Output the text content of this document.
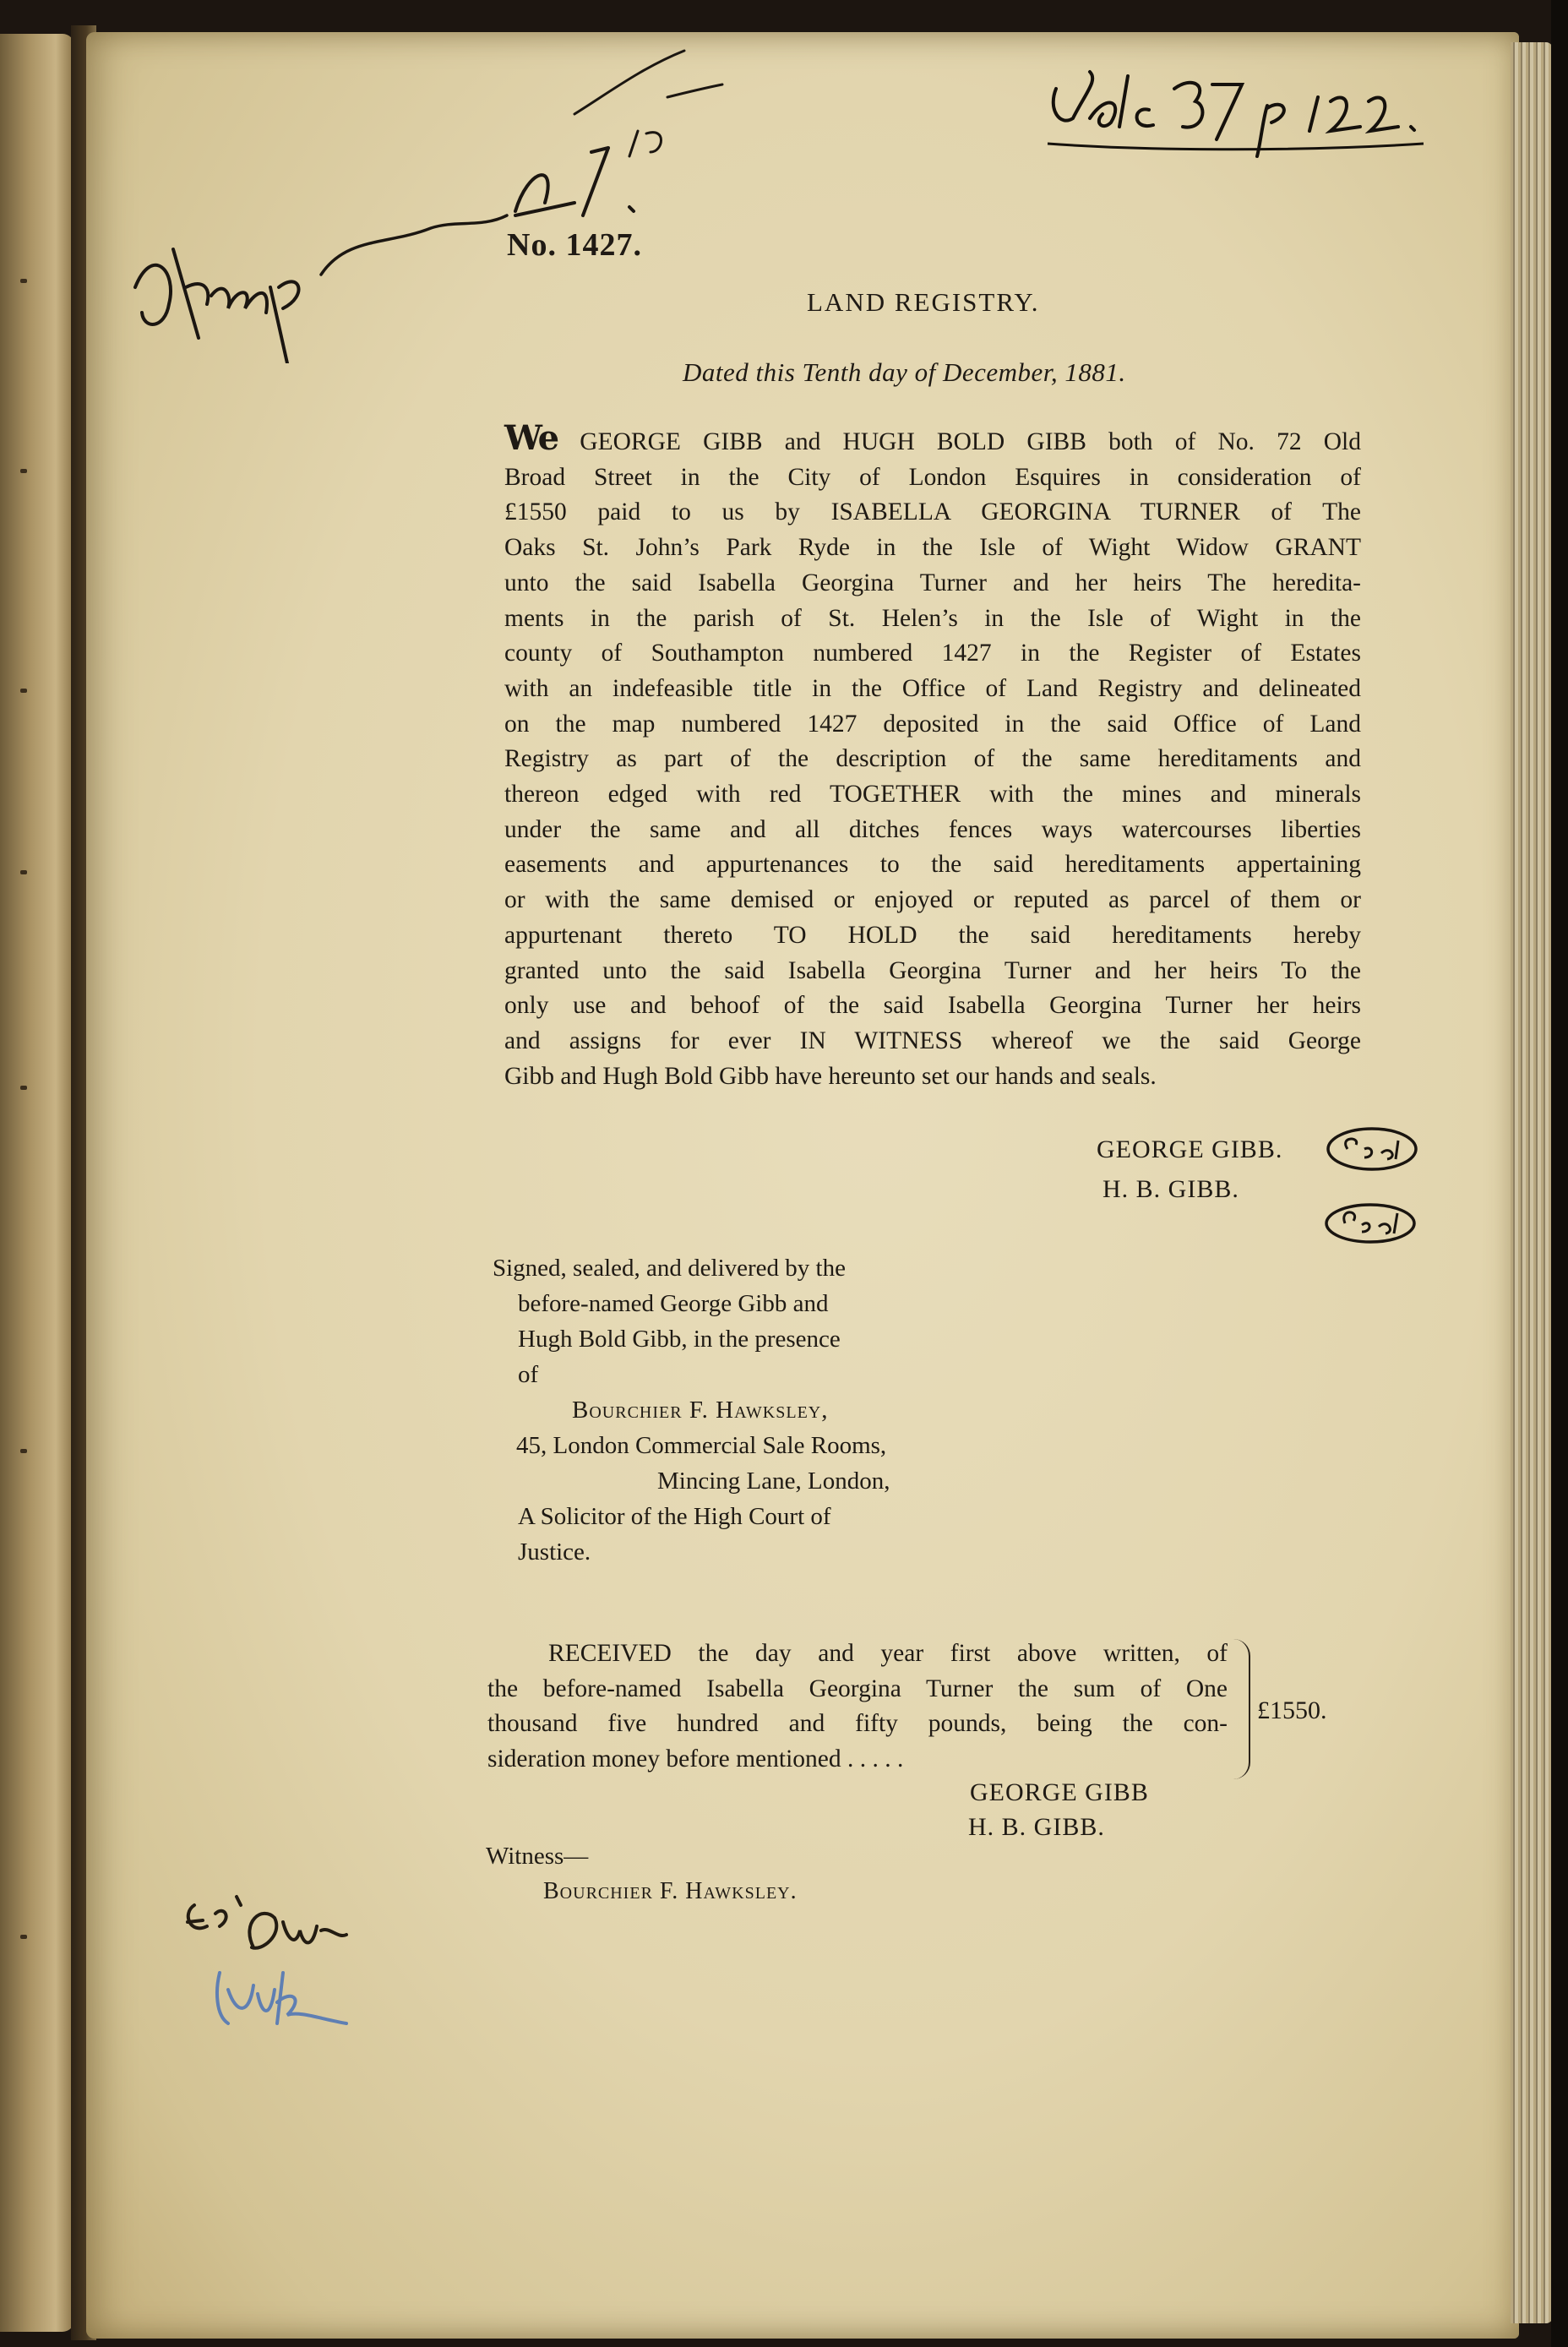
No. 1427.
LAND REGISTRY.
Dated this Tenth day of December, 1881.
We GEORGE GIBB and HUGH BOLD GIBB both of No. 72 Old
Broad Street in the City of London Esquires in consideration of
£1550 paid to us by ISABELLA GEORGINA TURNER of The
Oaks St. John’s Park Ryde in the Isle of Wight Widow GRANT
unto the said Isabella Georgina Turner and her heirs The heredita-
ments in the parish of St. Helen’s in the Isle of Wight in the
county of Southampton numbered 1427 in the Register of Estates
with an indefeasible title in the Office of Land Registry and delineated
on the map numbered 1427 deposited in the said Office of Land
Registry as part of the description of the same hereditaments and
thereon edged with red TOGETHER with the mines and minerals
under the same and all ditches fences ways watercourses liberties
easements and appurtenances to the said hereditaments appertaining
or with the same demised or enjoyed or reputed as parcel of them or
appurtenant thereto TO HOLD the said hereditaments hereby
granted unto the said Isabella Georgina Turner and her heirs To the
only use and behoof of the said Isabella Georgina Turner her heirs
and assigns for ever IN WITNESS whereof we the said George
Gibb and Hugh Bold Gibb have hereunto set our hands and seals.
GEORGE GIBB.
H. B. GIBB.
Signed, sealed, and delivered by the
before-named George Gibb and
Hugh Bold Gibb, in the presence
of
Bourchier F. Hawksley,
45, London Commercial Sale Rooms,
Mincing Lane, London,
A Solicitor of the High Court of
Justice.
RECEIVED the day and year first above written, of
the before-named Isabella Georgina Turner the sum of One
thousand five hundred and fifty pounds, being the con-
sideration money before mentioned . . . . .
£1550.
GEORGE GIBB
H. B. GIBB.
Witness—
Bourchier F. Hawksley.
